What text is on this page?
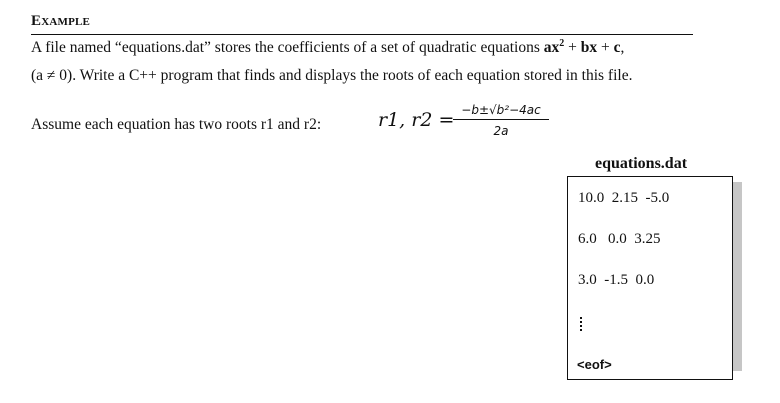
Example
A file named “equations.dat” stores the coefficients of a set of quadratic equations $ax^2$ + bx + c,
(a ≠ 0). Write a C++ program that finds and displays the roots of each equation stored in this file.
Assume each equation has two roots r1 and r2:	r1, r2 =
$\frac{\text{−b±√b²−4ac}}{2a}$
equations.dat
10.0  2.15  -5.0
6.0   0.0  3.25
3.0  -1.5  0.0
<eof>
